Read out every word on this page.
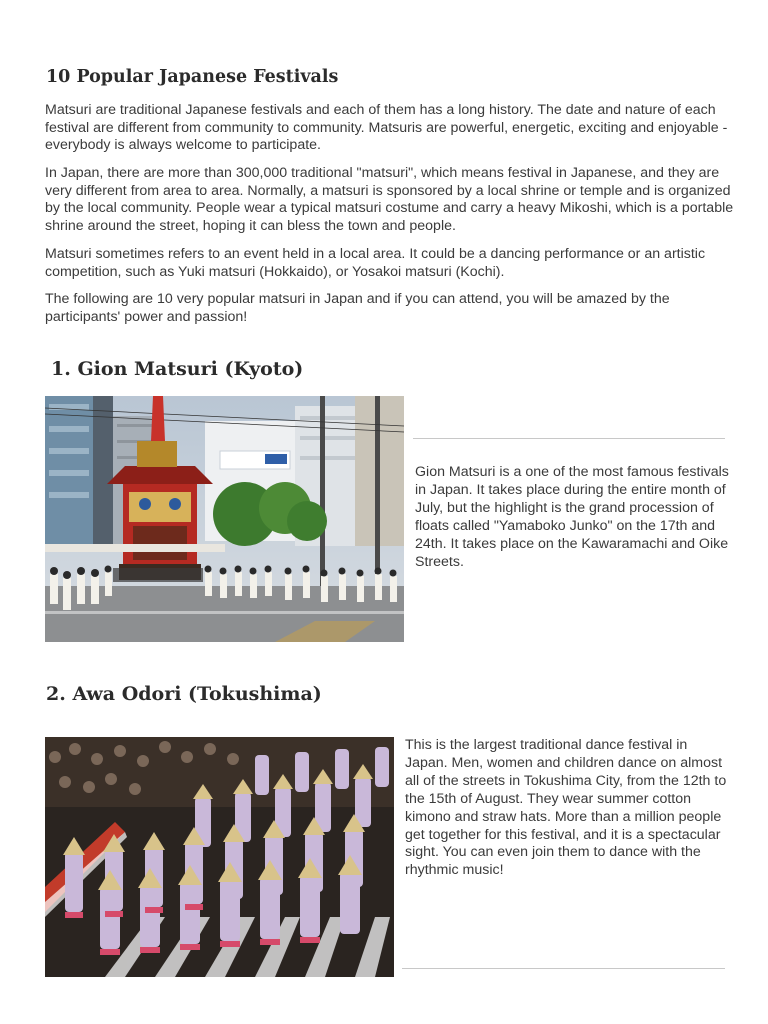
10 Popular Japanese Festivals

Matsuri are traditional Japanese festivals and each of them has a long history. The date and nature of each festival are different from community to community. Matsuris are powerful, energetic, exciting and enjoyable - everybody is always welcome to participate.

In Japan, there are more than 300,000 traditional "matsuri", which means festival in Japanese, and they are very different from area to area. Normally, a matsuri is sponsored by a local shrine or temple and is organized by the local community. People wear a typical matsuri costume and carry a heavy Mikoshi, which is a portable shrine around the street, hoping it can bless the town and people.

Matsuri sometimes refers to an event held in a local area. It could be a dancing performance or an artistic competition, such as Yuki matsuri (Hokkaido), or Yosakoi matsuri (Kochi).

The following are 10 very popular matsuri in Japan and if you can attend, you will be amazed by the participants' power and passion!

1. Gion Matsuri (Kyoto)

Gion Matsuri is a one of the most famous festivals in Japan. It takes place during the entire month of July, but the highlight is the grand procession of floats called "Yamaboko Junko" on the 17th and 24th. It takes place on the Kawaramachi and Oike Streets.

2. Awa Odori (Tokushima)

This is the largest traditional dance festival in Japan. Men, women and children dance on almost all of the streets in Tokushima City, from the 12th to the 15th of August. They wear summer cotton kimono and straw hats. More than a million people get together for this festival, and it is a spectacular sight. You can even join them to dance with the rhythmic music!
